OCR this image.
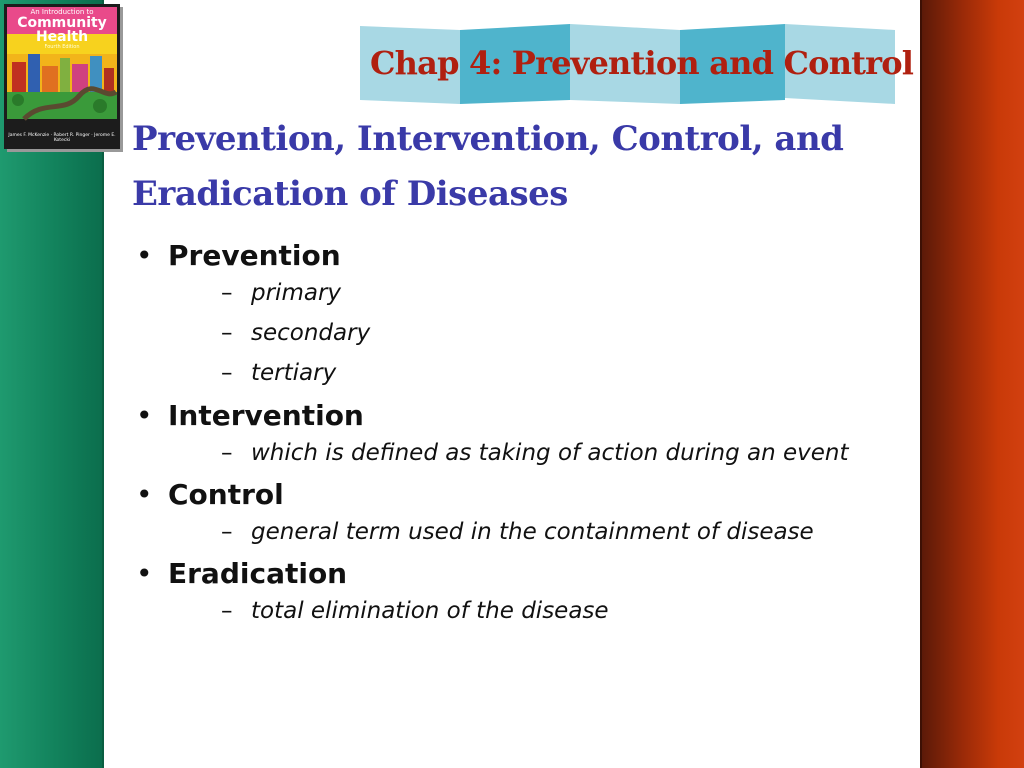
An Introduction to
Community
Health
Fourth Edition
James F. McKenzie · Robert R. Pinger · Jerome E. Kotecki
Chap 4: Prevention and Control
Prevention, Intervention, Control, and
Eradication of Diseases
• Prevention
– primary
– secondary
– tertiary
• Intervention
– which is defined as taking of action during an event
• Control
– general term used in the containment of disease
• Eradication
– total elimination of the disease
